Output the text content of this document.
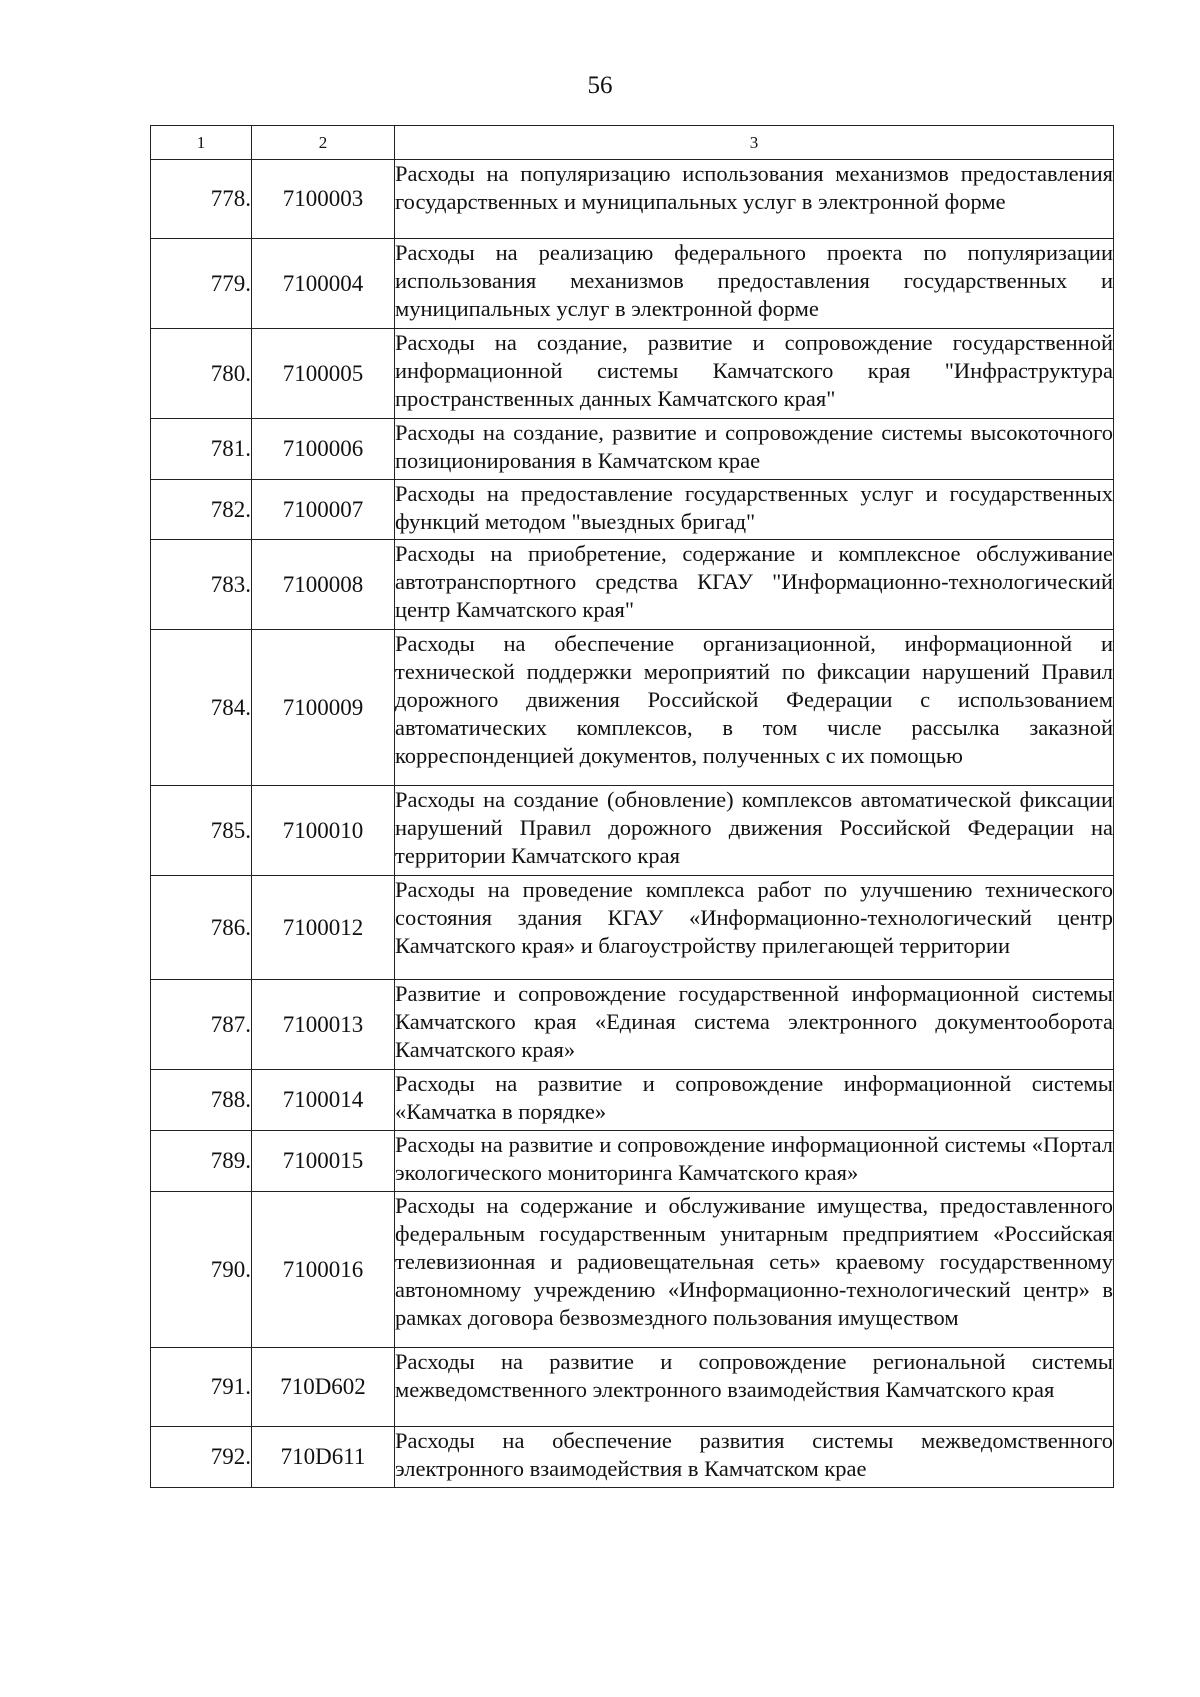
56
1	2	3
778.	7100003	Расходы на популяризацию использования механизмов предоставления государственных и муниципальных услуг в электронной форме
779.	7100004	Расходы на реализацию федерального проекта по популяризации использования механизмов предоставления государственных и муниципальных услуг в электронной форме
780.	7100005	Расходы на создание, развитие и сопровождение государственной информационной системы Камчатского края "Инфраструктура пространственных данных Камчатского края"
781.	7100006	Расходы на создание, развитие и сопровождение системы высокоточного позиционирования в Камчатском крае
782.	7100007	Расходы на предоставление государственных услуг и государственных функций методом "выездных бригад"
783.	7100008	Расходы на приобретение, содержание и комплексное обслуживание автотранспортного средства КГАУ "Информационно-технологический центр Камчатского края"
784.	7100009	Расходы на обеспечение организационной, информационной и технической поддержки мероприятий по фиксации нарушений Правил дорожного движения Российской Федерации с использованием автоматических комплексов, в том числе рассылка заказной корреспонденцией документов, полученных с их помощью
785.	7100010	Расходы на создание (обновление) комплексов автоматической фиксации нарушений Правил дорожного движения Российской Федерации на территории Камчатского края
786.	7100012	Расходы на проведение комплекса работ по улучшению технического состояния здания КГАУ «Информационно-технологический центр Камчатского края» и благоустройству прилегающей территории
787.	7100013	Развитие и сопровождение государственной информационной системы Камчатского края «Единая система электронного документооборота Камчатского края»
788.	7100014	Расходы на развитие и сопровождение информационной системы «Камчатка в порядке»
789.	7100015	Расходы на развитие и сопровождение информационной системы «Портал экологического мониторинга Камчатского края»
790.	7100016	Расходы на содержание и обслуживание имущества, предоставленного федеральным государственным унитарным предприятием «Российская телевизионная и радиовещательная сеть» краевому государственному автономному учреждению «Информационно-технологический центр» в рамках договора безвозмездного пользования имуществом
791.	710D602	Расходы на развитие и сопровождение региональной системы межведомственного электронного взаимодействия Камчатского края
792.	710D611	Расходы на обеспечение развития системы межведомственного электронного взаимодействия в Камчатском крае
